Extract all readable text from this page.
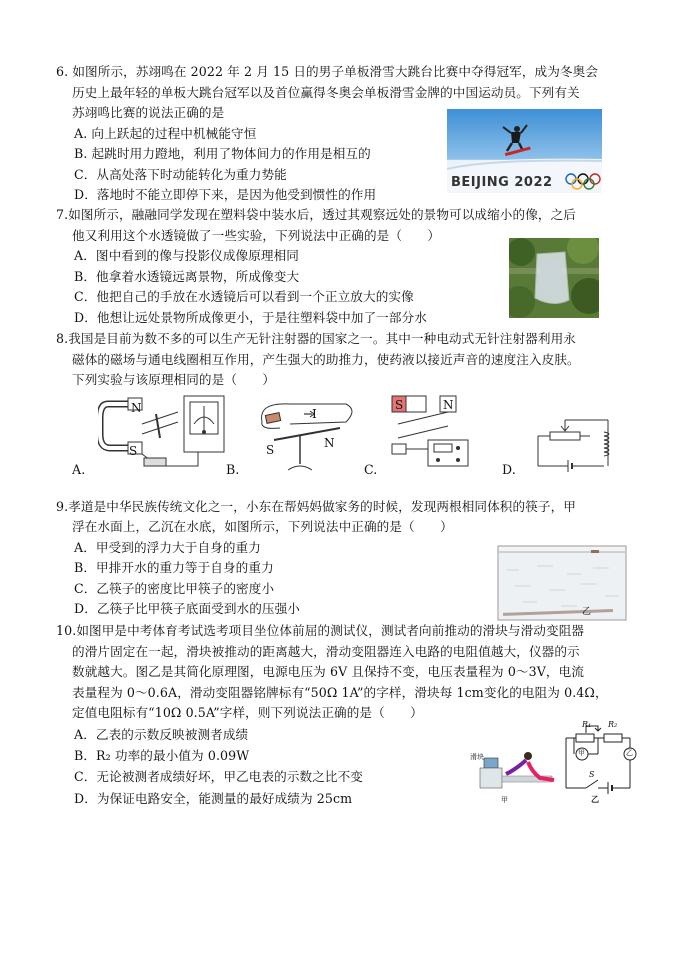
6. 如图所示，苏翊鸣在 2022 年 2 月 15 日的男子单板滑雪大跳台比赛中夺得冠军，成为冬奥会
历史上最年轻的单板大跳台冠军以及首位赢得冬奥会单板滑雪金牌的中国运动员。下列有关
苏翊鸣比赛的说法正确的是
A. 向上跃起的过程中机械能守恒
B. 起跳时用力蹬地，利用了物体间力的作用是相互的
C．从高处落下时动能转化为重力势能
D．落地时不能立即停下来，是因为他受到惯性的作用
BEIJING 2022
7.如图所示，融融同学发现在塑料袋中装水后，透过其观察远处的景物可以成缩小的像，之后
他又利用这个水透镜做了一些实验，下列说法中正确的是（　　）
A．图中看到的像与投影仪成像原理相同
B．他拿着水透镜远离景物，所成像变大
C．他把自己的手放在水透镜后可以看到一个正立放大的实像
D．他想让远处景物所成像更小，于是往塑料袋中加了一部分水
8.我国是目前为数不多的可以生产无针注射器的国家之一。其中一种电动式无针注射器利用永
磁体的磁场与通电线圈相互作用，产生强大的助推力，使药液以接近声音的速度注入皮肤。
下列实验与该原理相同的是（　　）
N
S
A.
I
S	N
B.
S	N
C.	D.
9.孝道是中华民族传统文化之一，小东在帮妈妈做家务的时候，发现两根相同体积的筷子，甲
浮在水面上，乙沉在水底，如图所示，下列说法中正确的是（　　）
A．甲受到的浮力大于自身的重力
B．甲排开水的重力等于自身的重力
C．乙筷子的密度比甲筷子的密度小
D．乙筷子比甲筷子底面受到水的压强小	乙
10.如图甲是中考体育考试选考项目坐位体前屈的测试仪，测试者向前推动的滑块与滑动变阻器
的滑片固定在一起，滑块被推动的距离越大，滑动变阻器连入电路的电阻值越大，仪器的示
数就越大。图乙是其简化原理图，电源电压为 6V 且保持不变，电压表量程为 0～3V，电流
表量程为 0～0.6A，滑动变阻器铭牌标有“50Ω 1A”的字样，滑块每 1cm变化的电阻为 0.4Ω，
定值电阻标有“10Ω 0.5A”字样，则下列说法正确的是（　　）
A．乙表的示数反映被测者成绩
B．R₂ 功率的最小值为 0.09W
C．无论被测者成绩好坏，甲乙电表的示数之比不变
D．为保证电路安全，能测量的最好成绩为 25cm
滑块
甲
R₁ R₂
甲	乙
S
乙
